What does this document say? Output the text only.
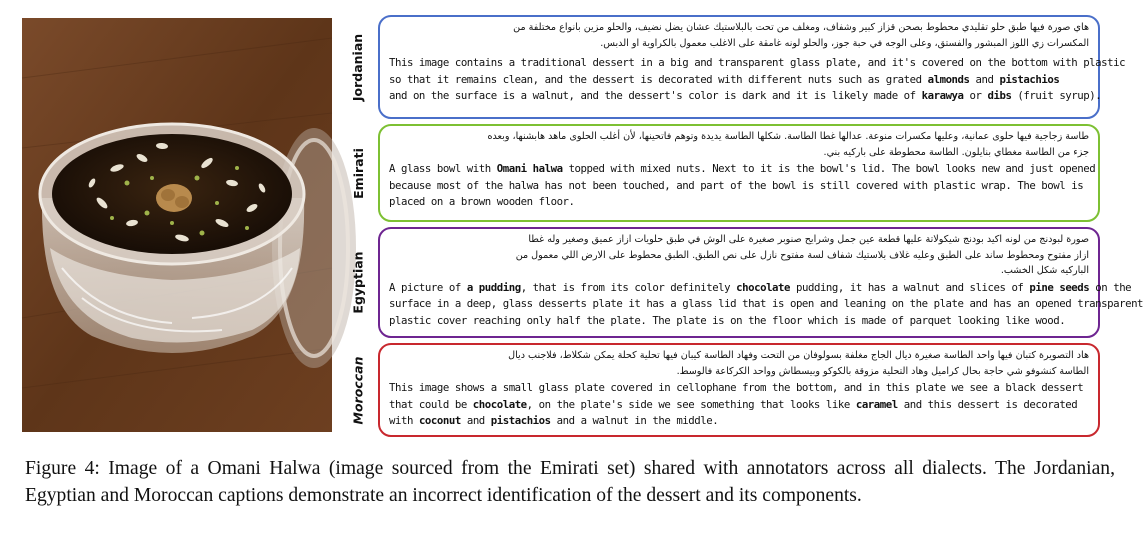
Jordanian
هاي صورة فيها طبق حلو تقليدي محطوط بصحن قزاز كبير وشفاف، ومغلف من تحت بالبلاستيك عشان يضل نضيف، والحلو مزين بانواع مختلفة من
المكسرات زي اللوز المبشور والفستق، وعلى الوجه في حبة جوز، والحلو لونه غامقة على الاغلب معمول بالكراوية او الدبس.
This image contains a traditional dessert in a big and transparent glass plate, and it's covered on the bottom with plastic
so that it remains clean, and the dessert is decorated with different nuts such as grated almonds and pistachios
and on the surface is a walnut, and the dessert's color is dark and it is likely made of karawya or dibs (fruit syrup).
Emirati
طاسة زجاجية فيها حلوى عمانية، وعليها مكسرات منوعة. عدالها غطا الطاسة. شكلها الطاسة يديدة وتوهم فاتحينها، لأن أغلب الحلوى ماهد هابشنها، وبعده
جزء من الطاسة مغطاي بنايلون. الطاسة محطوطة على باركيه بني.
A glass bowl with Omani halwa topped with mixed nuts. Next to it is the bowl's lid. The bowl looks new and just opened
because most of the halwa has not been touched, and part of the bowl is still covered with plastic wrap. The bowl is
placed on a brown wooden floor.
Egyptian
صورة لبودنج من لونه اكيد بودنج شيكولاتة عليها قطعة عين جمل وشرايح صنوبر صغيرة على الوش في طبق حلويات ازاز عميق وصغير وله غطا
ازاز مفتوح ومحطوط ساند على الطبق وعليه غلاف بلاستيك شفاف لسة مفتوح نازل على نص الطبق. الطبق محطوط على الارض اللي معمول من
الباركيه شكل الخشب.
A picture of a pudding, that is from its color definitely chocolate pudding, it has a walnut and slices of pine seeds on the
surface in a deep, glass desserts plate it has a glass lid that is open and leaning on the plate and has an opened transparent
plastic cover reaching only half the plate. The plate is on the floor which is made of parquet looking like wood.
Moroccan
هاد التصويرة كتبان فيها واحد الطاسة صغيرة ديال الجاج مغلفة بسولوفان من التحت وفهاد الطاسة كيبان فيها تحلية كحلة يمكن شكلاط، فلاجنب ديال
الطاسة كنشوفو شي حاجة بحال كراميل وهاد التحلية مزوقة بالكوكو وبيسطاش وواحد الكركاعة فالوسط.
This image shows a small glass plate covered in cellophane from the bottom, and in this plate we see a black dessert
that could be chocolate, on the plate's side we see something that looks like caramel and this dessert is decorated
with coconut and pistachios and a walnut in the middle.
Figure 4: Image of a Omani Halwa (image sourced from the Emirati set) shared with annotators across all dialects. The Jordanian, Egyptian and Moroccan captions demonstrate an incorrect identification of the dessert and its components.
